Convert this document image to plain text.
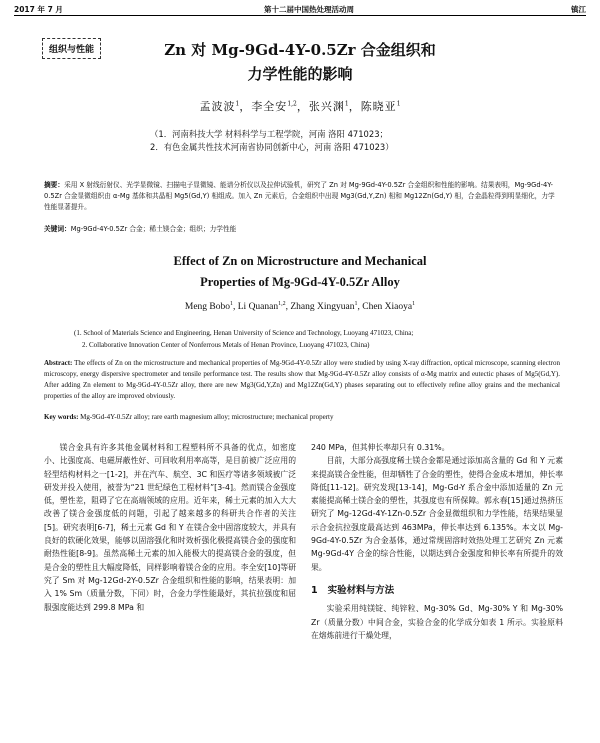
2017 年 7 月	第十二届中国热处理活动周	镇江
组织与性能	Zn 对 Mg-9Gd-4Y-0.5Zr 合金组织和
力学性能的影响
孟波波$^1$，李全安$^{1,2}$，张兴渊$^1$，陈晓亚$^1$
（1．河南科技大学 材料科学与工程学院，河南 洛阳 471023；
2．有色金属共性技术河南省协同创新中心，河南 洛阳 471023）
摘要：采用 X 射线衍射仪、光学显微镜、扫描电子显微镜、能谱分析仪以及拉伸试验机，研究了 Zn 对 Mg-9Gd-4Y-0.5Zr 合金组织和性能的影响。结果表明，Mg-9Gd-4Y-0.5Zr 合金显微组织由 α-Mg 基体和共晶相 Mg5(Gd,Y) 相组成。加入 Zn 元素后，合金组织中出现 Mg3(Gd,Y,Zn) 相和 Mg12Zn(Gd,Y) 相，合金晶粒得到明显细化，力学性能显著提升。
关键词：Mg-9Gd-4Y-0.5Zr 合金；稀土镁合金；组织；力学性能
Effect of Zn on Microstructure and Mechanical
Properties of Mg-9Gd-4Y-0.5Zr Alloy
Meng Bobo$^1$, Li Quanan$^{1,2}$, Zhang Xingyuan$^1$, Chen Xiaoya$^1$
(1. School of Materials Science and Engineering, Henan University of Science and Technology, Luoyang 471023, China;
2. Collaborative Innovation Center of Nonferrous Metals of Henan Province, Luoyang 471023, China)
Abstract: The effects of Zn on the microstructure and mechanical properties of Mg-9Gd-4Y-0.5Zr alloy were studied by using X-ray diffraction, optical microscope, scanning electron microscopy, energy dispersive spectrometer and tensile performance test. The results show that Mg-9Gd-4Y-0.5Zr alloy consists of α-Mg matrix and eutectic phases of Mg5(Gd,Y). After adding Zn element to Mg-9Gd-4Y-0.5Zr alloy, there are new Mg3(Gd,Y,Zn) and Mg12Zn(Gd,Y) phases separating out to effectively refine alloy grains and the mechanical properties of the alloy are improved obviously.
Key words: Mg-9Gd-4Y-0.5Zr alloy; rare earth magnesium alloy; microstructure; mechanical property

镁合金具有许多其他金属材料和工程塑料所不具备的优点，如密度小、比强度高、电磁屏蔽性好、可回收利用率高等，是目前被广泛应用的轻型结构材料之一[1-2]，并在汽车、航空、3C 和医疗等诸多领域被广泛研发并投入使用，被誉为“21 世纪绿色工程材料”[3-4]。然而镁合金强度低，塑性差，阻碍了它在高端领域的应用。近年来，稀土元素的加入大大改善了镁合金强度低的问题，引起了越来越多的科研共合作者的关注[5]。研究表明[6-7]，稀土元素 Gd 和 Y 在镁合金中固溶度较大，并具有良好的软硬化效果，能够以固溶强化和时效析强化极提高镁合金的强度和耐热性能[8-9]。虽然高稀土元素的加入能极大的提高镁合金的强度，但是合金的塑性且大幅度降低，同样影响着镁合金的应用。李全安[10]等研究了 Sm 对 Mg-12Gd-2Y-0.5Zr 合金组织和性能的影响，结果表明：加入 1% Sm（质量分数，下同）时，合金力学性能最好，其抗拉强度和屈服强度能达到 299.8 MPa 和

240 MPa，但其伸长率却只有 0.31%。

目前，大部分高强度稀土镁合金都是通过添加高含量的 Gd 和 Y 元素来提高镁合金性能，但却牺牲了合金的塑性，使得合金成本增加，伸长率降低[11-12]。研究发现[13-14]，Mg-Gd-Y 系合金中添加适量的 Zn 元素能提高稀土镁合金的塑性，其强度也有所保障。郭永春[15]通过热挤压研究了 Mg-12Gd-4Y-1Zn-0.5Zr 合金显微组织和力学性能，结果结果显示合金抗拉强度最高达到 463MPa，伸长率达到 6.135%。本文以 Mg-9Gd-4Y-0.5Zr 为合金基体，通过常规固溶时效热处理工艺研究 Zn 元素 Mg-9Gd-4Y 合金的综合性能，以期达到合金强度和伸长率有所提升的效果。

1 实验材料与方法

实验采用纯镁锭、纯锌粒、Mg-30% Gd、Mg-30% Y 和 Mg-30% Zr（质量分数）中间合金，实验合金的化学成分如表 1 所示。实验原料在熔炼前进行干燥处理，
